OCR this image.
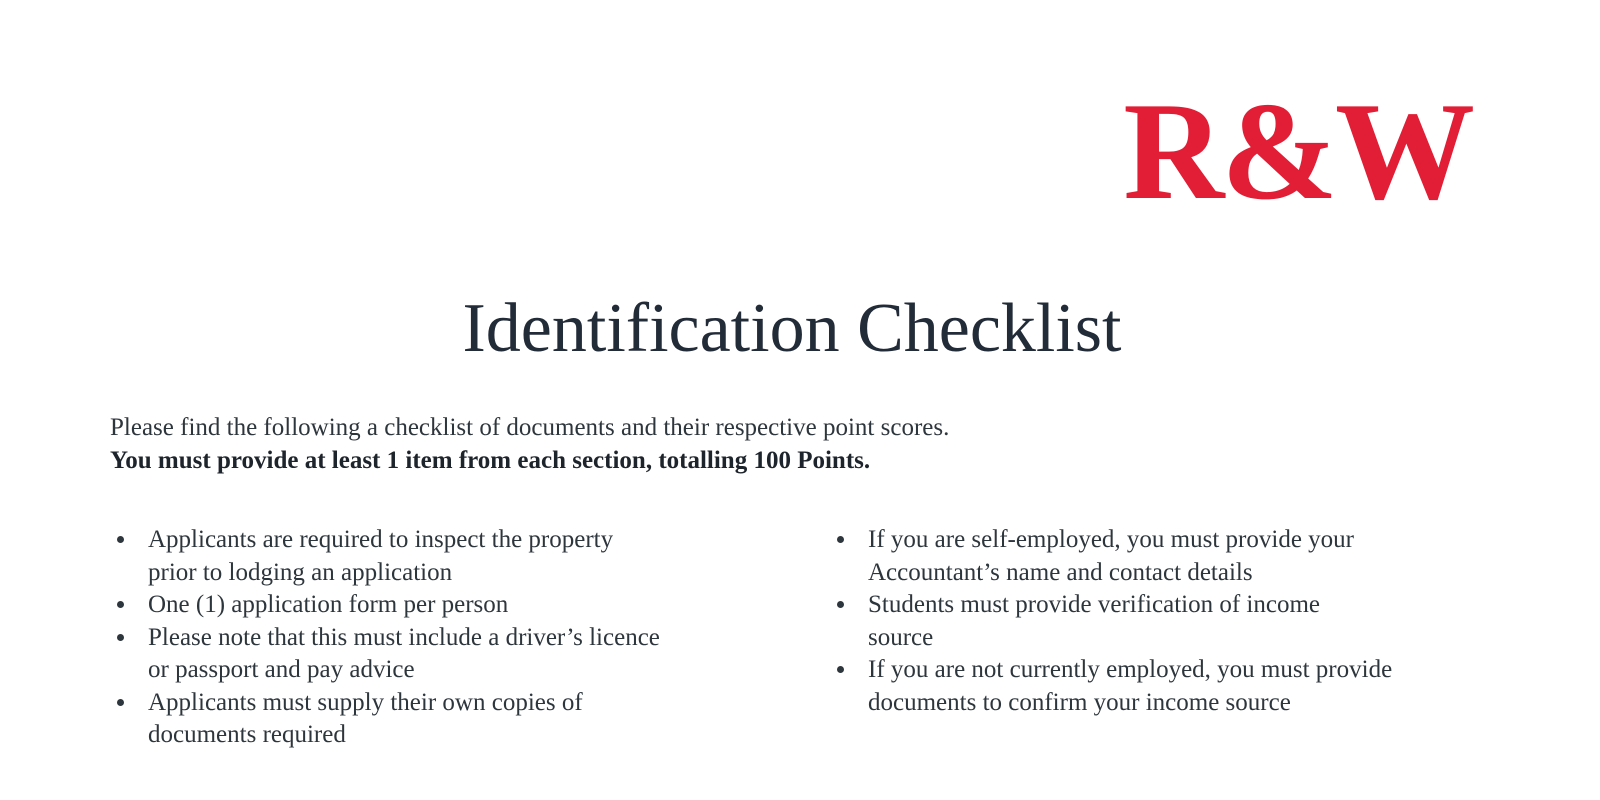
R&W
Identification Checklist
Please find the following a checklist of documents and their respective point scores.
You must provide at least 1 item from each section, totalling 100 Points.
• Applicants are required to inspect the property
prior to lodging an application
• One (1) application form per person
• Please note that this must include a driver’s licence
or passport and pay advice
• Applicants must supply their own copies of
documents required
• If you are self-employed, you must provide your
Accountant’s name and contact details
• Students must provide verification of income
source
• If you are not currently employed, you must provide
documents to confirm your income source
